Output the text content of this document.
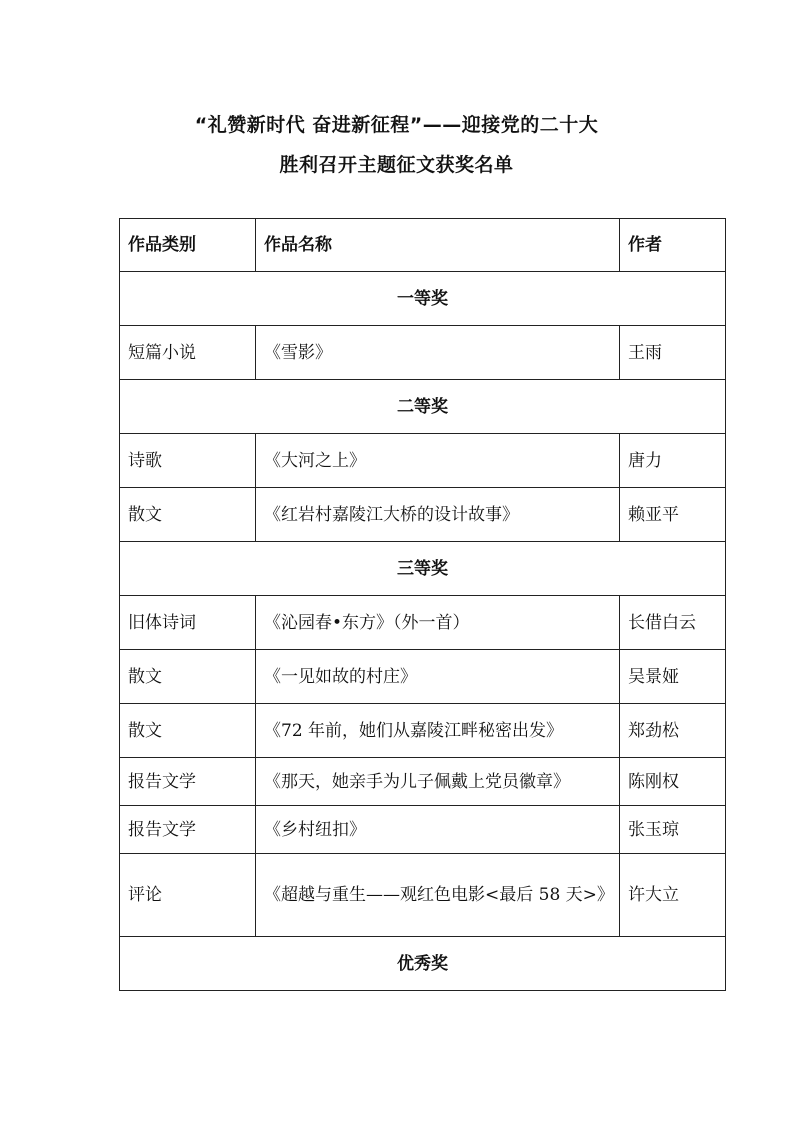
“礼赞新时代 奋进新征程”——迎接党的二十大
胜利召开主题征文获奖名单
作品类别	作品名称	作者
一等奖		
短篇小说	《雪影》	王雨
二等奖		
诗歌	《大河之上》	唐力
散文	《红岩村嘉陵江大桥的设计故事》	赖亚平
三等奖		
旧体诗词	《沁园春•东方》（外一首）	长借白云
散文	《一见如故的村庄》	吴景娅
散文	《72 年前，她们从嘉陵江畔秘密出发》	郑劲松
报告文学	《那天，她亲手为儿子佩戴上党员徽章》	陈刚权
报告文学	《乡村纽扣》	张玉琼
评论	《超越与重生——观红色电影<最后 58 天>》	许大立
优秀奖		
